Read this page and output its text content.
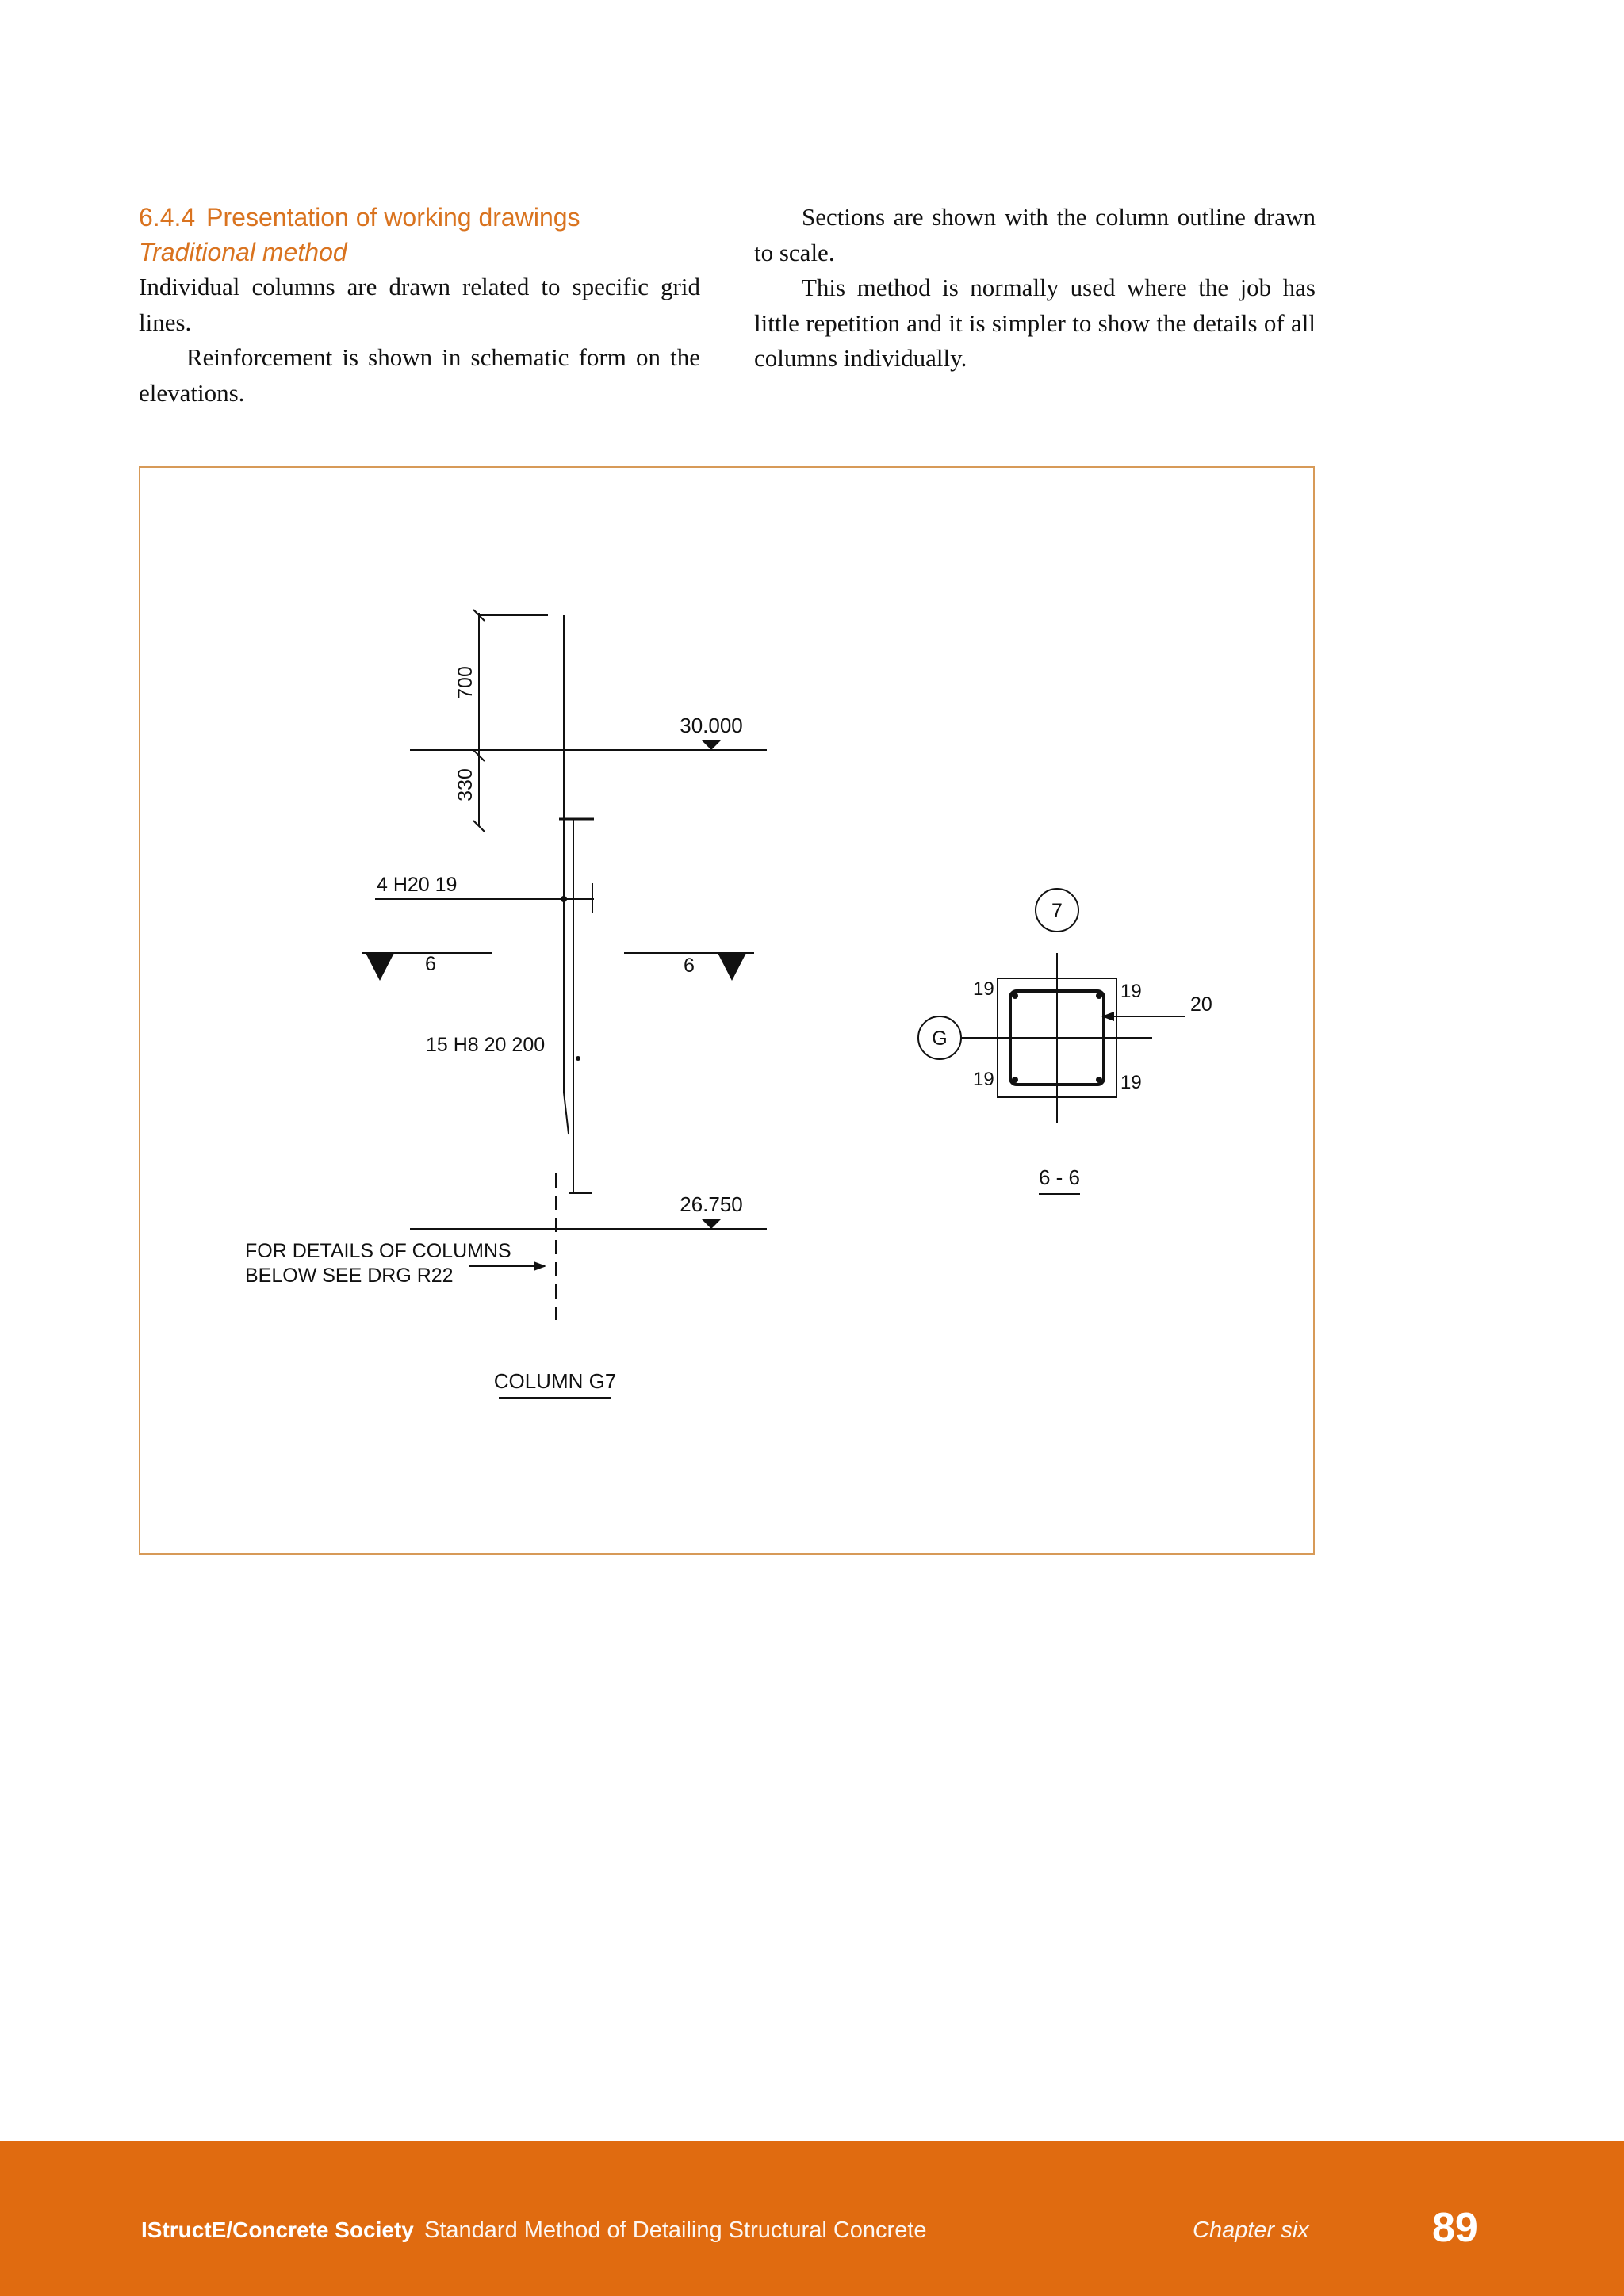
6.4.4 Presentation of working drawings
Traditional method

Individual columns are drawn related to specific grid lines.

Reinforcement is shown in schematic form on the elevations.

Sections are shown with the column outline drawn to scale.

This method is normally used where the job has little repetition and it is simpler to show the details of all columns individually.

700
330
30.000
26.750
4 H20 19
15 H8 20 200
6	6
FOR DETAILS OF COLUMNS
BELOW SEE DRG R22
COLUMN G7
7
G
19	19
19	19
20
6 - 6
IStructE/Concrete Society Standard Method of Detailing Structural Concrete	Chapter six	89
